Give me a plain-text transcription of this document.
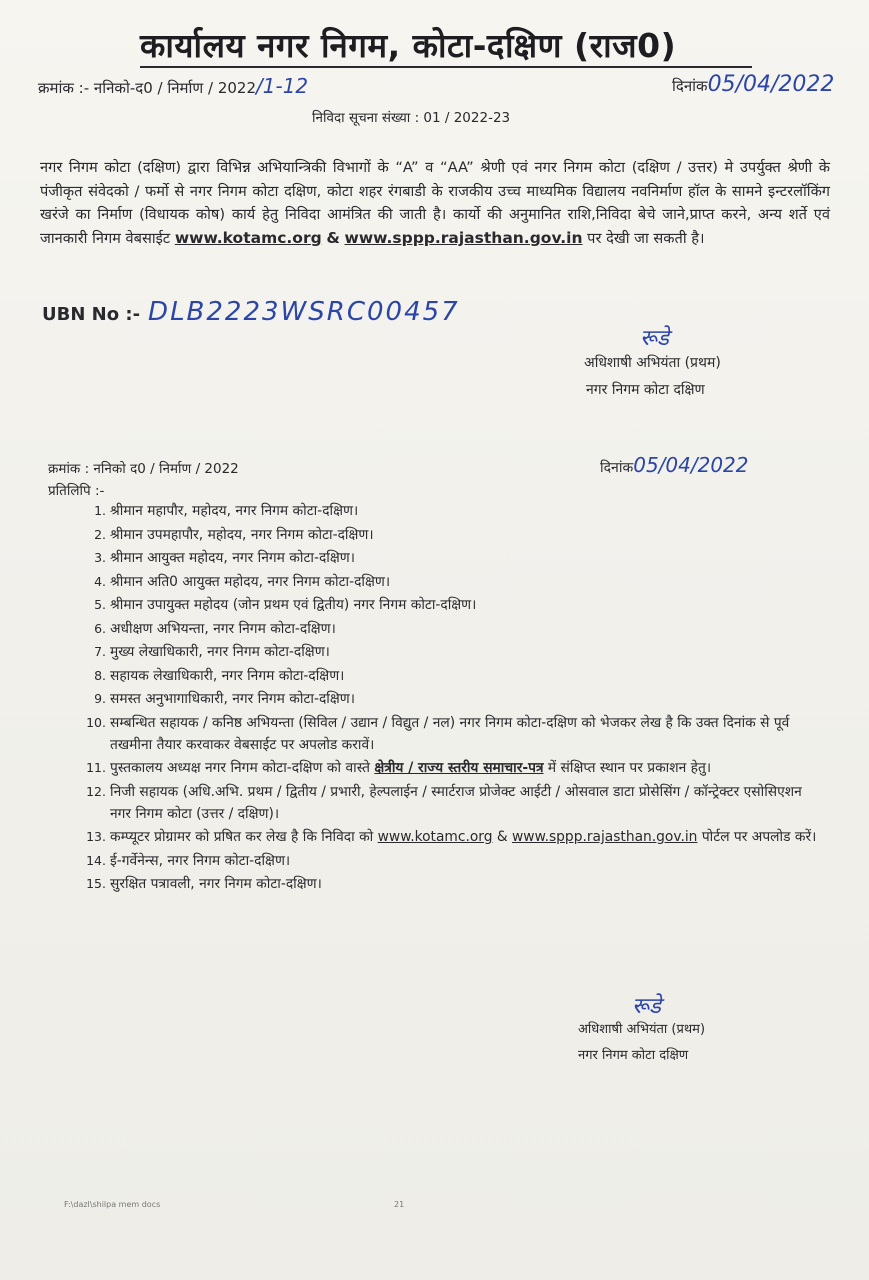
कार्यालय नगर निगम, कोटा-दक्षिण (राज0)
क्रमांक :- ननिको-द0 / निर्माण / 2022/1-12	दिनांक05/04/2022
निविदा सूचना संख्या : 01 / 2022-23
नगर निगम कोटा (दक्षिण) द्वारा विभिन्न अभियान्त्रिकी विभागों के “A” व “AA” श्रेणी एवं नगर निगम कोटा (दक्षिण / उत्तर) मे उपर्युक्त श्रेणी के पंजीकृत संवेदको / फर्मो से नगर निगम कोटा दक्षिण, कोटा शहर रंगबाडी के राजकीय उच्च माध्यमिक विद्यालय नवनिर्माण हॉल के सामने इन्टरलॉकिंग खरंजे का निर्माण (विधायक कोष) कार्य हेतु निविदा आमंत्रित की जाती है। कार्यो की अनुमानित राशि,निविदा बेचे जाने,प्राप्त करने, अन्य शर्ते एवं जानकारी निगम वेबसाईट www.kotamc.org & www.sppp.rajasthan.gov.in पर देखी जा सकती है।
UBN No :- DLB2223WSRC00457
रूडे
अधिशाषी अभियंता (प्रथम)
नगर निगम कोटा दक्षिण
क्रमांक : ननिको द0 / निर्माण / 2022	दिनांक05/04/2022
प्रतिलिपि :-
1. श्रीमान महापौर, महोदय, नगर निगम कोटा-दक्षिण।
2. श्रीमान उपमहापौर, महोदय, नगर निगम कोटा-दक्षिण।
3. श्रीमान आयुक्त महोदय, नगर निगम कोटा-दक्षिण।
4. श्रीमान अति0 आयुक्त महोदय, नगर निगम कोटा-दक्षिण।
5. श्रीमान उपायुक्त महोदय (जोन प्रथम एवं द्वितीय) नगर निगम कोटा-दक्षिण।
6. अधीक्षण अभियन्ता, नगर निगम कोटा-दक्षिण।
7. मुख्य लेखाधिकारी, नगर निगम कोटा-दक्षिण।
8. सहायक लेखाधिकारी, नगर निगम कोटा-दक्षिण।
9. समस्त अनुभागाधिकारी, नगर निगम कोटा-दक्षिण।
10. सम्बन्धित सहायक / कनिष्ठ अभियन्ता (सिविल / उद्यान / विद्युत / नल) नगर निगम कोटा-दक्षिण को भेजकर लेख है कि उक्त दिनांक से पूर्व तखमीना तैयार करवाकर वेबसाईट पर अपलोड करावें।
11. पुस्तकालय अध्यक्ष नगर निगम कोटा-दक्षिण को वास्ते क्षेत्रीय / राज्य स्तरीय समाचार-पत्र में संक्षिप्त स्थान पर प्रकाशन हेतु।
12. निजी सहायक (अधि.अभि. प्रथम / द्वितीय / प्रभारी, हेल्पलाईन / स्मार्टराज प्रोजेक्ट आईटी / ओसवाल डाटा प्रोसेसिंग / कॉन्ट्रेक्टर एसोसिएशन नगर निगम कोटा (उत्तर / दक्षिण)।
13. कम्प्यूटर प्रोग्रामर को प्रषित कर लेख है कि निविदा को www.kotamc.org & www.sppp.rajasthan.gov.in पोर्टल पर अपलोड करें।
14. ई-गर्वेनेन्स, नगर निगम कोटा-दक्षिण।
15. सुरक्षित पत्रावली, नगर निगम कोटा-दक्षिण।
रूडे
अधिशाषी अभियंता (प्रथम)
नगर निगम कोटा दक्षिण
F:\dazl\shilpa mem docs	21
